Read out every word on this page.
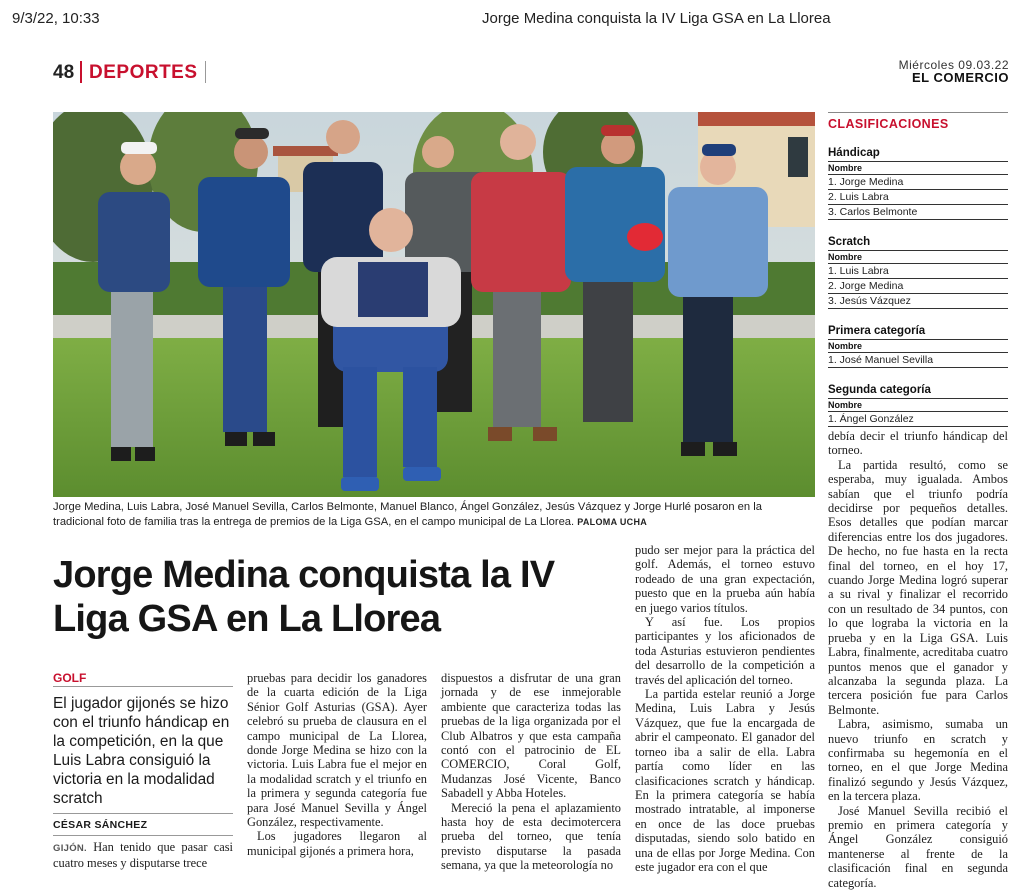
9/3/22, 10:33	Jorge Medina conquista la IV Liga GSA en La Llorea
48 DEPORTES	Miércoles 09.03.22
EL COMERCIO
Jorge Medina, Luis Labra, José Manuel Sevilla, Carlos Belmonte, Manuel Blanco, Ángel González, Jesús Vázquez y Jorge Hurlé posaron en la tradicional foto de familia tras la entrega de premios de la Liga GSA, en el campo municipal de La Llorea. PALOMA UCHA
CLASIFICACIONES
Hándicap
Nombre
1. Jorge Medina
2. Luis Labra
3. Carlos Belmonte
Scratch
Nombre
1. Luis Labra
2. Jorge Medina
3. Jesús Vázquez
Primera categoría
Nombre
1. José Manuel Sevilla
Segunda categoría
Nombre
1. Ángel González
Jorge Medina conquista la IV Liga GSA en La Llorea
GOLF
El jugador gijonés se hizo con el triunfo hándicap en la competición, en la que Luis Labra consiguió la victoria en la modalidad scratch
CÉSAR SÁNCHEZ

GIJÓN. Han tenido que pasar casi cuatro meses y disputarse trece

pruebas para decidir los ganadores de la cuarta edición de la Liga Sénior Golf Asturias (GSA). Ayer celebró su prueba de clausura en el campo municipal de La Llorea, donde Jorge Medina se hizo con la victoria. Luis Labra fue el mejor en la modalidad scratch y el triunfo en la primera y segunda categoría fue para José Manuel Sevilla y Ángel González, respectivamente.

Los jugadores llegaron al municipal gijonés a primera hora,

dispuestos a disfrutar de una gran jornada y de ese inmejorable ambiente que caracteriza todas las pruebas de la liga organizada por el Club Albatros y que esta campaña contó con el patrocinio de EL COMERCIO, Coral Golf, Mudanzas José Vicente, Banco Sabadell y Abba Hoteles.

Mereció la pena el aplazamiento hasta hoy de esta decimotercera prueba del torneo, que tenía previsto disputarse la pasada semana, ya que la meteorología no

pudo ser mejor para la práctica del golf. Además, el torneo estuvo rodeado de una gran expectación, puesto que en la prueba aún había en juego varios títulos.

Y así fue. Los propios participantes y los aficionados de toda Asturias estuvieron pendientes del desarrollo de la competición a través del aplicación del torneo.

La partida estelar reunió a Jorge Medina, Luis Labra y Jesús Vázquez, que fue la encargada de abrir el campeonato. El ganador del torneo iba a salir de ella. Labra partía como líder en las clasificaciones scratch y hándicap. En la primera categoría se había mostrado intratable, al imponerse en once de las doce pruebas disputadas, siendo solo batido en una de ellas por Jorge Medina. Con este jugador era con el que

debía decir el triunfo hándicap del torneo.

La partida resultó, como se esperaba, muy igualada. Ambos sabían que el triunfo podría decidirse por pequeños detalles. Esos detalles que podían marcar diferencias entre los dos jugadores. De hecho, no fue hasta en la recta final del torneo, en el hoy 17, cuando Jorge Medina logró superar a su rival y finalizar el recorrido con un resultado de 34 puntos, con lo que lograba la victoria en la prueba y en la Liga GSA. Luis Labra, finalmente, acreditaba cuatro puntos menos que el ganador y alcanzaba la segunda plaza. La tercera posición fue para Carlos Belmonte.

Labra, asimismo, sumaba un nuevo triunfo en scratch y confirmaba su hegemonía en el torneo, en el que Jorge Medina finalizó segundo y Jesús Vázquez, en la tercera plaza.

José Manuel Sevilla recibió el premio en primera categoría y Ángel González consiguió mantenerse al frente de la clasificación final en segunda categoría.
